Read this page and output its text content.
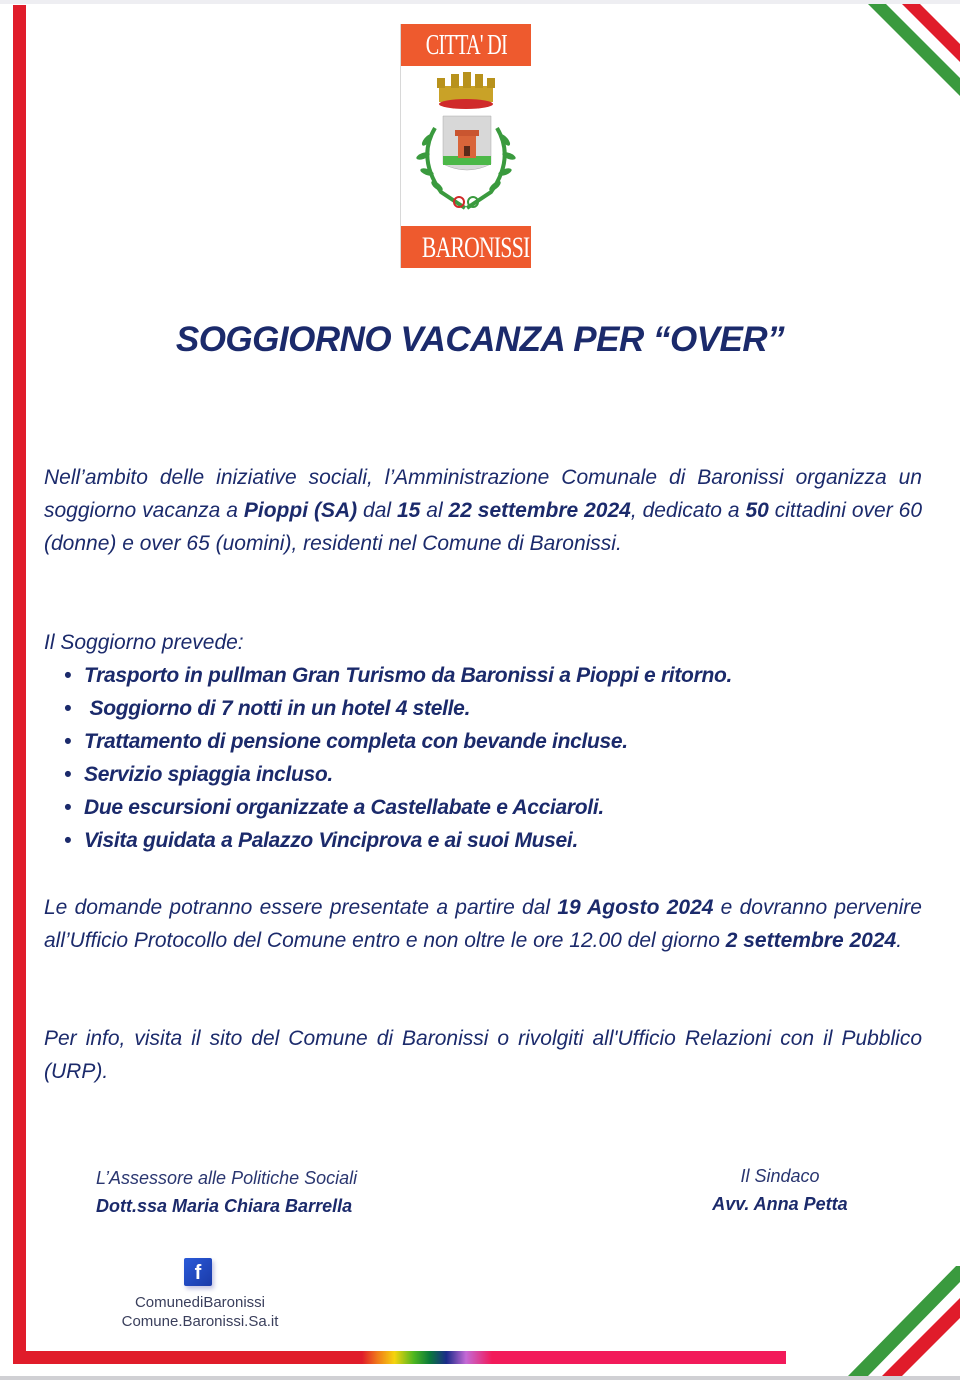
CITTA' DI
BARONISSI
SOGGIORNO VACANZA PER “OVER”
Nell’ambito delle iniziative sociali, l’Amministrazione Comunale di Baronissi organizza un soggiorno vacanza a Pioppi (SA) dal 15 al 22 settembre 2024, dedicato a 50 cittadini over 60 (donne) e over 65 (uomini), residenti nel Comune di Baronissi.
Il Soggiorno prevede:
• Trasporto in pullman Gran Turismo da Baronissi a Pioppi e ritorno.
• Soggiorno di 7 notti in un hotel 4 stelle.
• Trattamento di pensione completa con bevande incluse.
• Servizio spiaggia incluso.
• Due escursioni organizzate a Castellabate e Acciaroli.
• Visita guidata a Palazzo Vinciprova e ai suoi Musei.
Le domande potranno essere presentate a partire dal 19 Agosto 2024 e dovranno pervenire all’Ufficio Protocollo del Comune entro e non oltre le ore 12.00 del giorno 2 settembre 2024.
Per info, visita il sito del Comune di Baronissi o rivolgiti all'Ufficio Relazioni con il Pubblico (URP).
L’Assessore alle Politiche Sociali
Dott.ssa Maria Chiara Barrella
Il Sindaco
Avv. Anna Petta
f
ComunediBaronissi
Comune.Baronissi.Sa.it
